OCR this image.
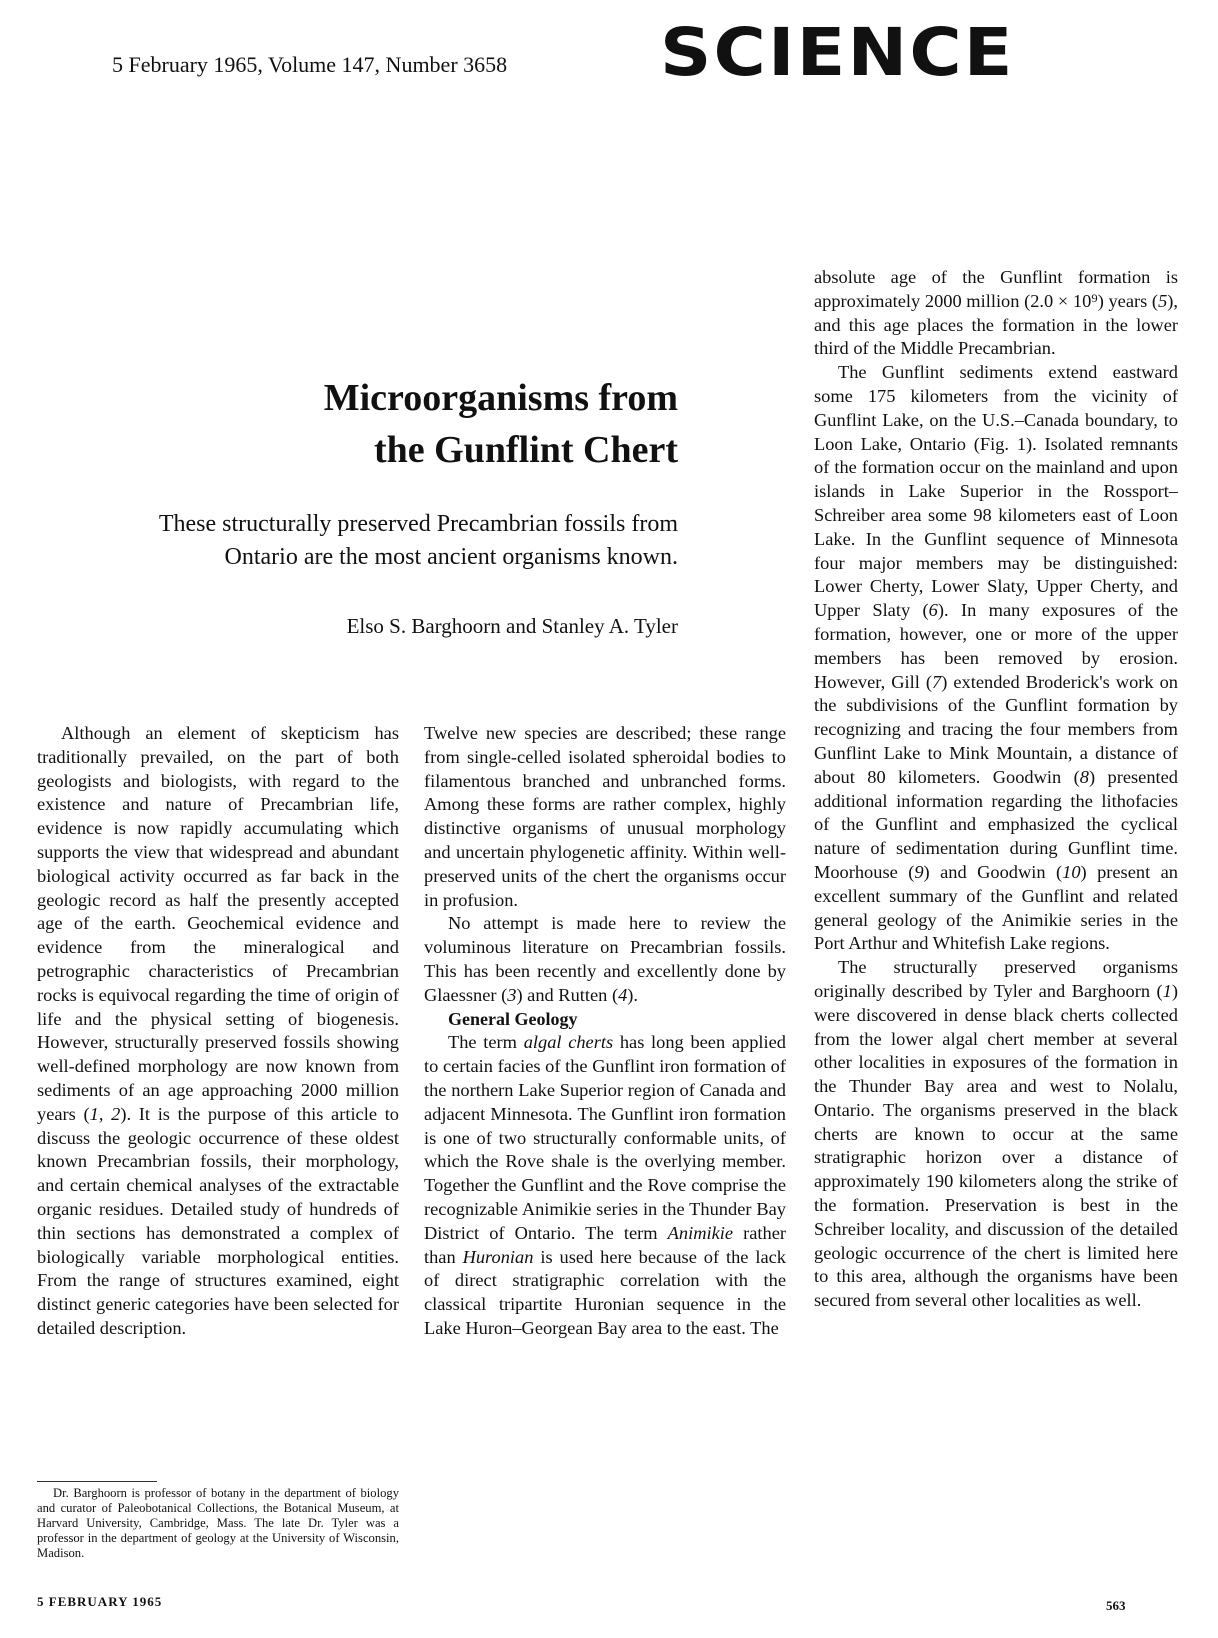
5 February 1965, Volume 147, Number 3658 SCIENCE
Microorganisms from
the Gunflint Chert
These structurally preserved Precambrian fossils from
Ontario are the most ancient organisms known.

Elso S. Barghoorn and Stanley A. Tyler

Although an element of skepticism has traditionally prevailed, on the part of both geologists and biologists, with regard to the existence and nature of Precambrian life, evidence is now rapidly accumulating which supports the view that widespread and abundant biological activity occurred as far back in the geologic record as half the presently accepted age of the earth. Geochemical evidence and evidence from the mineralogical and petrographic characteristics of Precambrian rocks is equivocal regarding the time of origin of life and the physical setting of biogenesis. However, structurally preserved fossils showing well-defined morphology are now known from sediments of an age approaching 2000 million years (1, 2). It is the purpose of this article to discuss the geologic occurrence of these oldest known Precambrian fossils, their morphology, and certain chemical analyses of the extractable organic residues. Detailed study of hundreds of thin sections has demonstrated a complex of biologically variable morphological entities. From the range of structures examined, eight distinct generic categories have been selected for detailed description.

Twelve new species are described; these range from single-celled isolated spheroidal bodies to filamentous branched and unbranched forms. Among these forms are rather complex, highly distinctive organisms of unusual morphology and uncertain phylogenetic affinity. Within well-preserved units of the chert the organisms occur in profusion.

No attempt is made here to review the voluminous literature on Precambrian fossils. This has been recently and excellently done by Glaessner (3) and Rutten (4).

General Geology

The term algal cherts has long been applied to certain facies of the Gunflint iron formation of the northern Lake Superior region of Canada and adjacent Minnesota. The Gunflint iron formation is one of two structurally conformable units, of which the Rove shale is the overlying member. Together the Gunflint and the Rove comprise the recognizable Animikie series in the Thunder Bay District of Ontario. The term Animikie rather than Huronian is used here because of the lack of direct stratigraphic correlation with the classical tripartite Huronian sequence in the Lake Huron–Georgean Bay area to the east. The

absolute age of the Gunflint formation is approximately 2000 million (2.0 × 10⁹) years (5), and this age places the formation in the lower third of the Middle Precambrian.

The Gunflint sediments extend eastward some 175 kilometers from the vicinity of Gunflint Lake, on the U.S.–Canada boundary, to Loon Lake, Ontario (Fig. 1). Isolated remnants of the formation occur on the mainland and upon islands in Lake Superior in the Rossport–Schreiber area some 98 kilometers east of Loon Lake. In the Gunflint sequence of Minnesota four major members may be distinguished: Lower Cherty, Lower Slaty, Upper Cherty, and Upper Slaty (6). In many exposures of the formation, however, one or more of the upper members has been removed by erosion. However, Gill (7) extended Broderick's work on the subdivisions of the Gunflint formation by recognizing and tracing the four members from Gunflint Lake to Mink Mountain, a distance of about 80 kilometers. Goodwin (8) presented additional information regarding the lithofacies of the Gunflint and emphasized the cyclical nature of sedimentation during Gunflint time. Moorhouse (9) and Goodwin (10) present an excellent summary of the Gunflint and related general geology of the Animikie series in the Port Arthur and Whitefish Lake regions.

The structurally preserved organisms originally described by Tyler and Barghoorn (1) were discovered in dense black cherts collected from the lower algal chert member at several other localities in exposures of the formation in the Thunder Bay area and west to Nolalu, Ontario. The organisms preserved in the black cherts are known to occur at the same stratigraphic horizon over a distance of approximately 190 kilometers along the strike of the formation. Preservation is best in the Schreiber locality, and discussion of the detailed geologic occurrence of the chert is limited here to this area, although the organisms have been secured from several other localities as well.

Dr. Barghoorn is professor of botany in the department of biology and curator of Paleobotanical Collections, the Botanical Museum, at Harvard University, Cambridge, Mass. The late Dr. Tyler was a professor in the department of geology at the University of Wisconsin, Madison.

5 FEBRUARY 1965	563
